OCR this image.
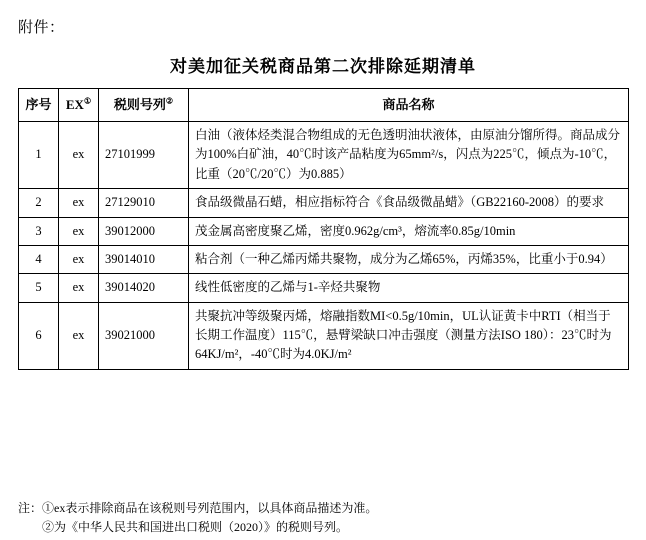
附件：
对美加征关税商品第二次排除延期清单
序号	EX①	税则号列②	商品名称
1	ex	27101999	白油（液体烃类混合物组成的无色透明油状液体，由原油分馏所得。商品成分为100%白矿油，40℃时该产品粘度为65mm²/s，闪点为225℃，倾点为-10℃，比重（20℃/20℃）为0.885）
2	ex	27129010	食品级微晶石蜡，相应指标符合《食品级微晶蜡》（GB22160-2008）的要求
3	ex	39012000	茂金属高密度聚乙烯，密度0.962g/cm³，熔流率0.85g/10min
4	ex	39014010	粘合剂（一种乙烯丙烯共聚物，成分为乙烯65%，丙烯35%，比重小于0.94）
5	ex	39014020	线性低密度的乙烯与1-辛烃共聚物
6	ex	39021000	共聚抗冲等级聚丙烯，熔融指数MI<0.5g/10min，UL认证黄卡中RTI（相当于长期工作温度）115℃，悬臂梁缺口冲击强度（测量方法ISO 180）：23℃时为64KJ/m²，-40℃时为4.0KJ/m²
注：①ex表示排除商品在该税则号列范围内，以具体商品描述为准。
②为《中华人民共和国进出口税则（2020）》的税则号列。
